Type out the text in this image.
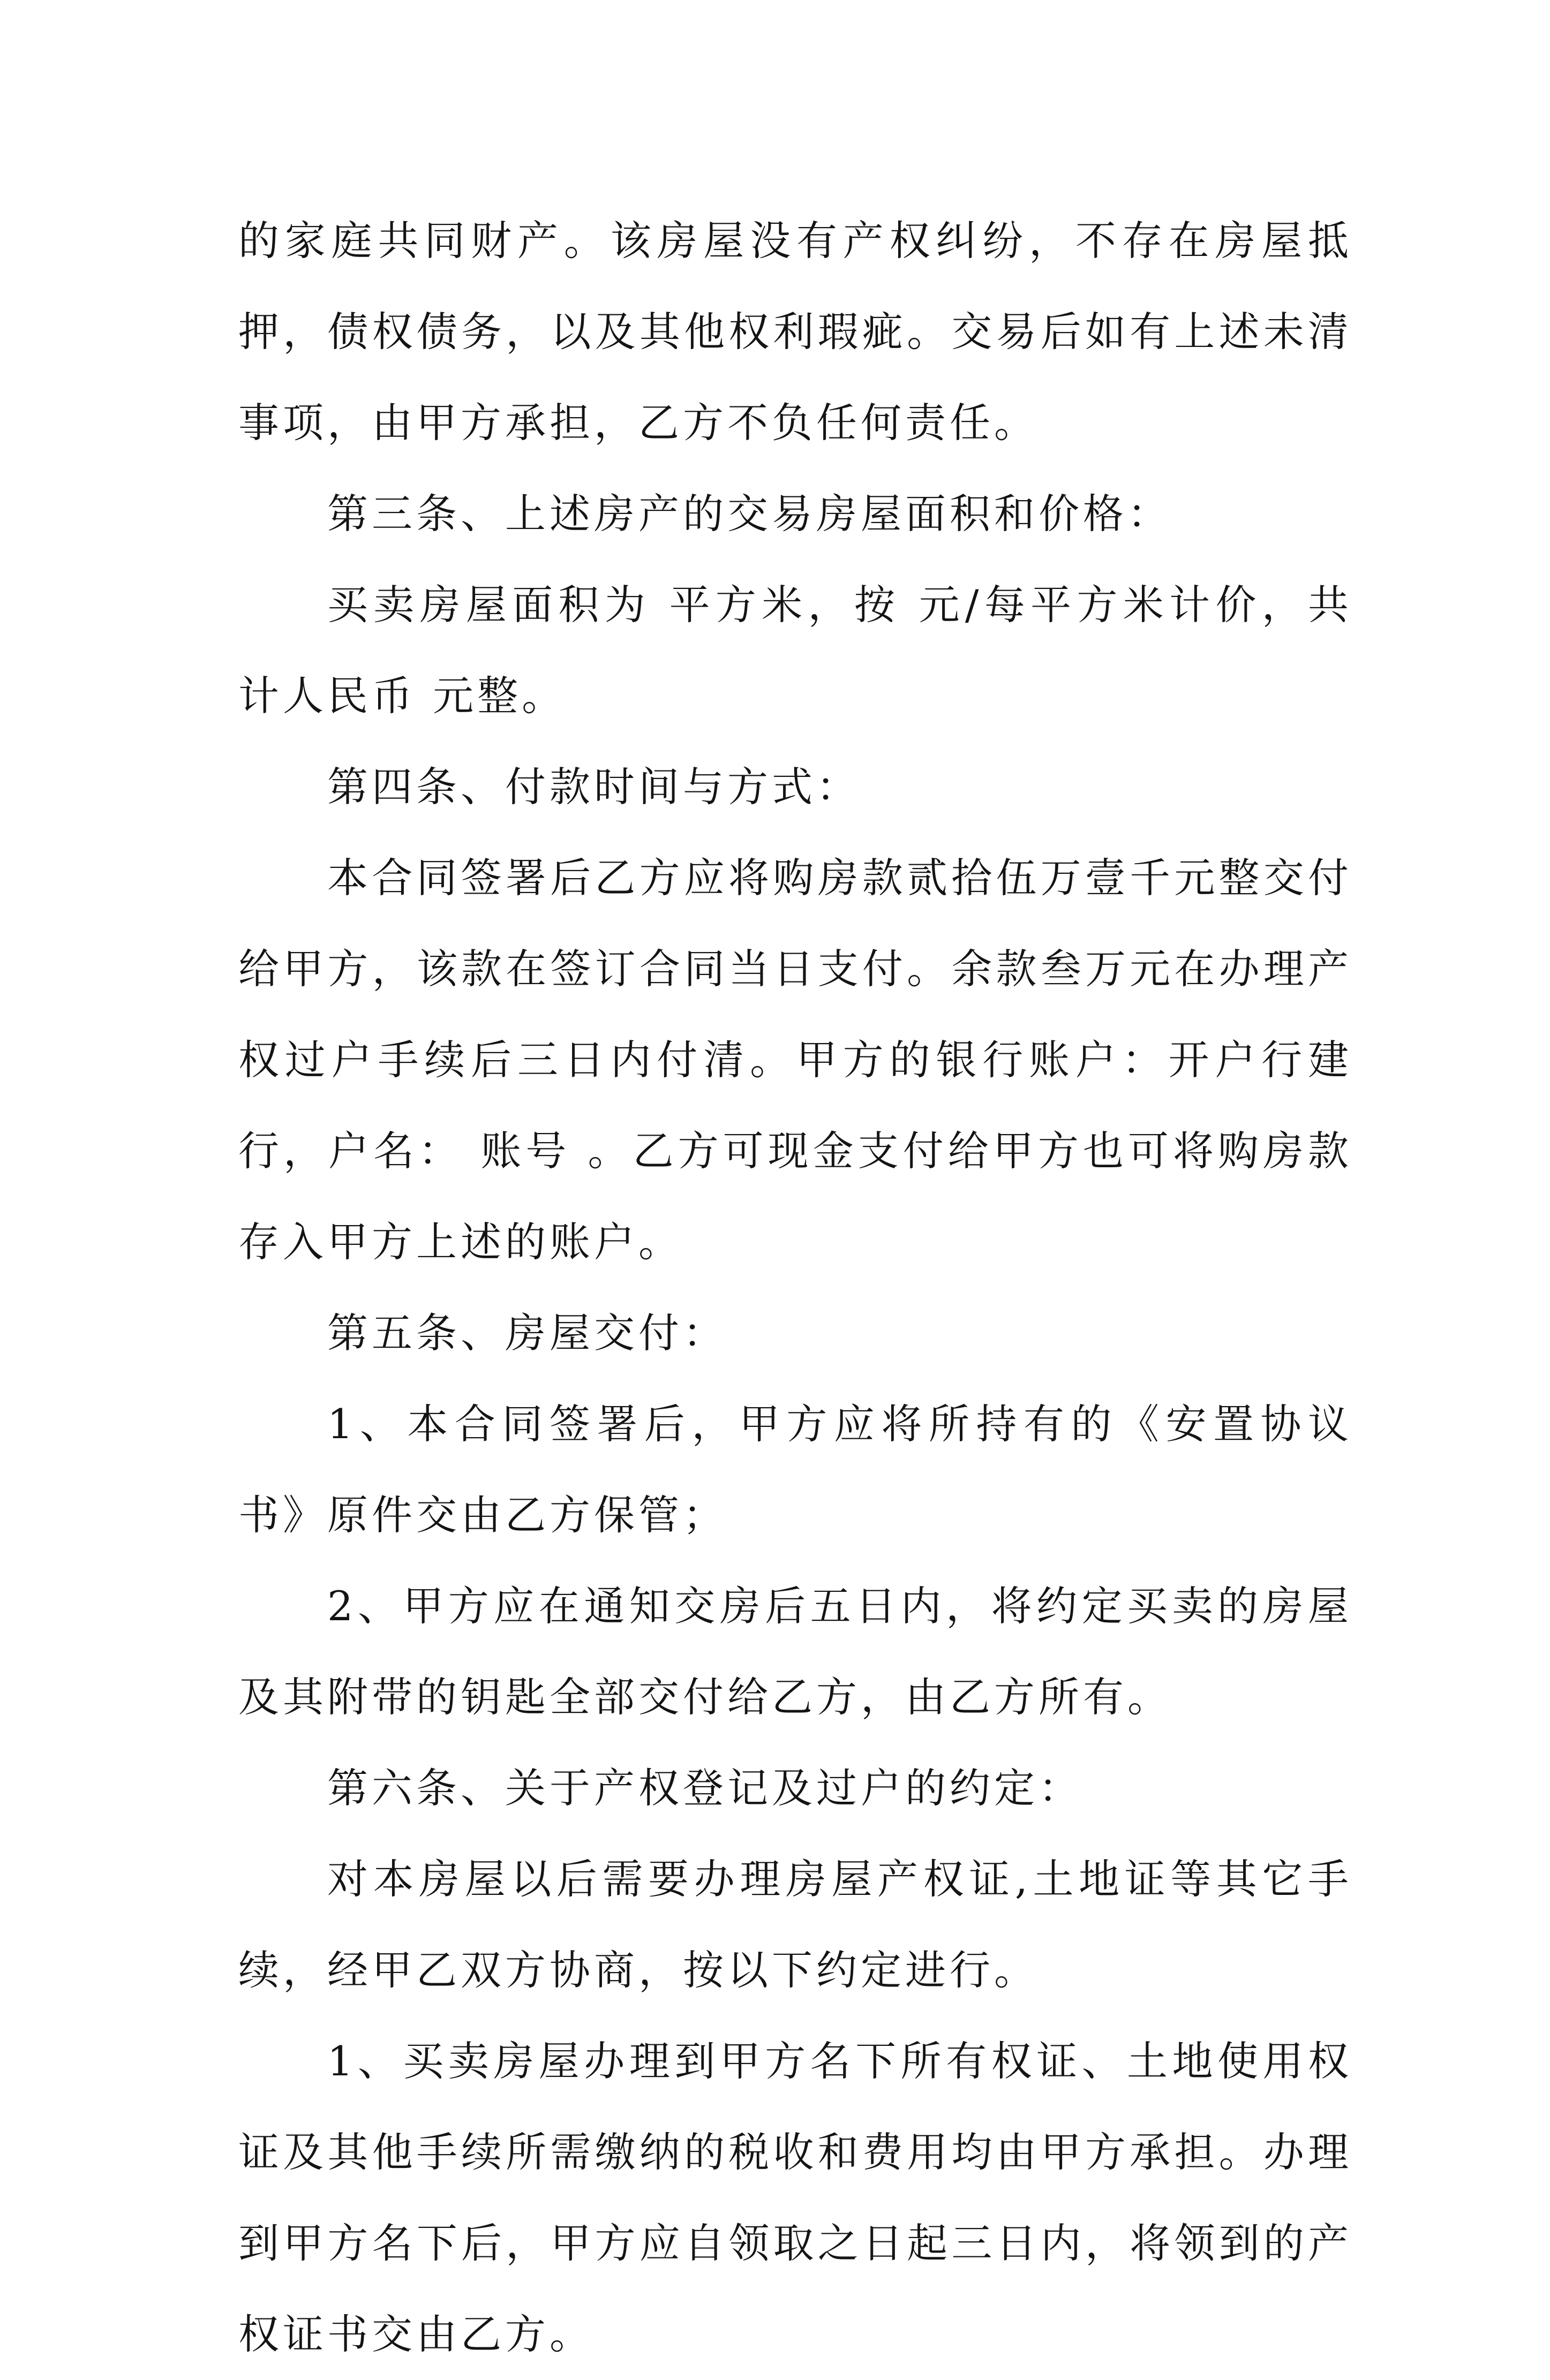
的家庭共同财产。该房屋没有产权纠纷，不存在房屋抵押，债权债务，以及其他权利瑕疵。交易后如有上述未清事项，由甲方承担，乙方不负任何责任。

第三条、上述房产的交易房屋面积和价格：

买卖房屋面积为 平方米，按 元/每平方米计价，共计人民币 元整。

第四条、付款时间与方式：

本合同签署后乙方应将购房款贰拾伍万壹千元整交付给甲方，该款在签订合同当日支付。余款叁万元在办理产权过户手续后三日内付清。甲方的银行账户：开户行建行，户名： 账号 。乙方可现金支付给甲方也可将购房款存入甲方上述的账户。

第五条、房屋交付：

1、本合同签署后，甲方应将所持有的《安置协议书》原件交由乙方保管；

2、甲方应在通知交房后五日内，将约定买卖的房屋及其附带的钥匙全部交付给乙方，由乙方所有。

第六条、关于产权登记及过户的约定：

对本房屋以后需要办理房屋产权证,土地证等其它手续，经甲乙双方协商，按以下约定进行。

1、买卖房屋办理到甲方名下所有权证、土地使用权证及其他手续所需缴纳的税收和费用均由甲方承担。办理到甲方名下后，甲方应自领取之日起三日内，将领到的产权证书交由乙方。
